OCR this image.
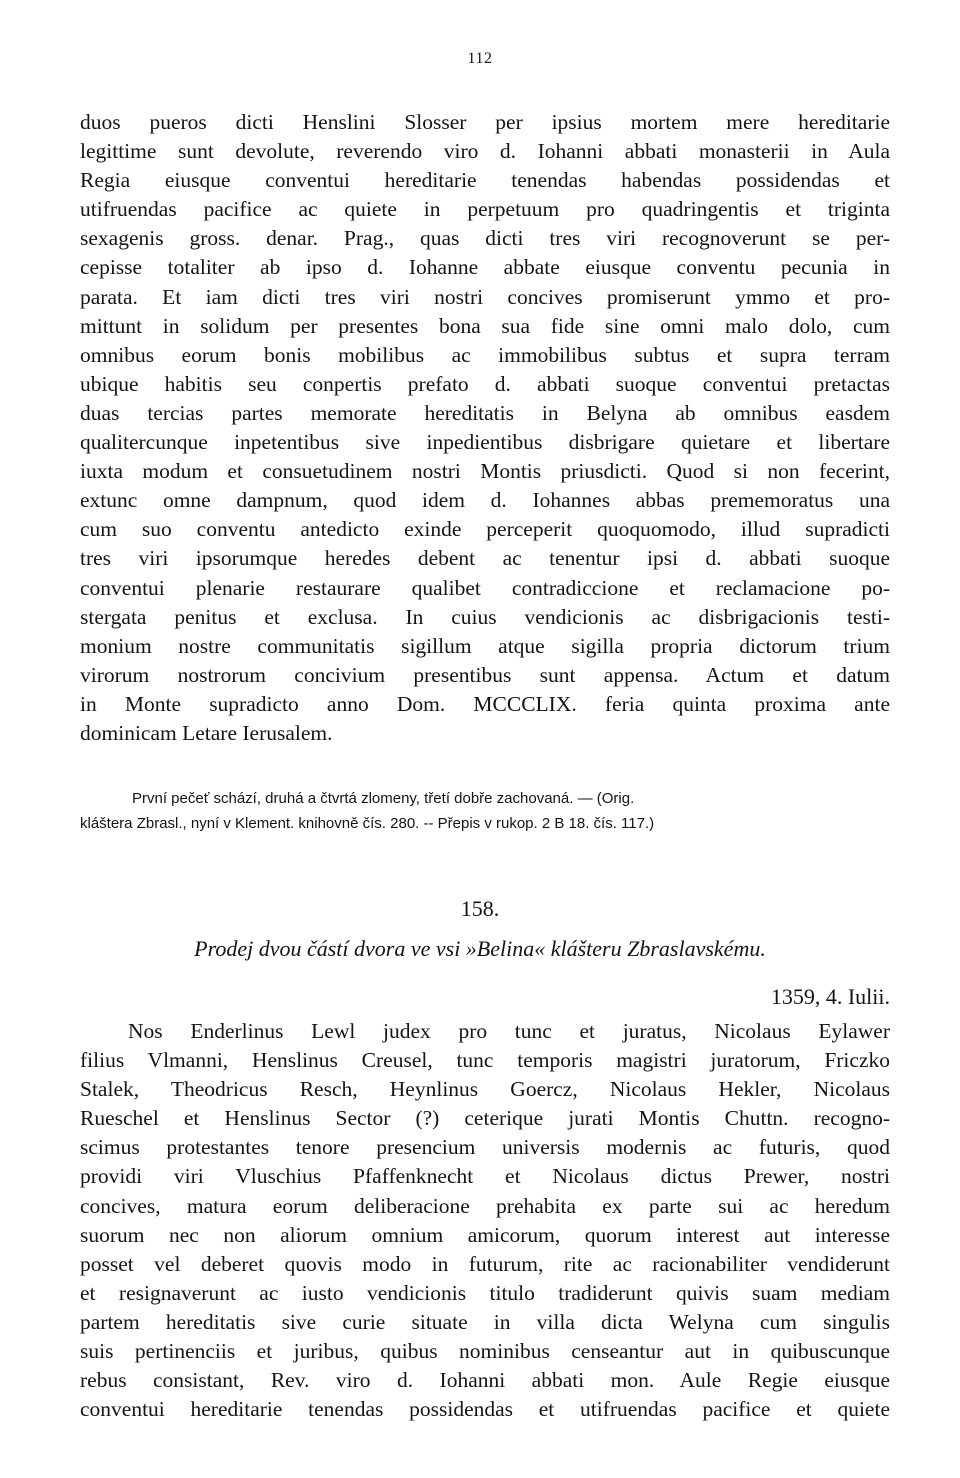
112
duos pueros dicti Henslini Slosser per ipsius mortem mere hereditarie
legittime sunt devolute, reverendo viro d. Iohanni abbati monasterii in Aula
Regia eiusque conventui hereditarie tenendas habendas possidendas et
utifruendas pacifice ac quiete in perpetuum pro quadringentis et triginta
sexagenis gross. denar. Prag., quas dicti tres viri recognoverunt se per-
cepisse totaliter ab ipso d. Iohanne abbate eiusque conventu pecunia in
parata. Et iam dicti tres viri nostri concives promiserunt ymmo et pro-
mittunt in solidum per presentes bona sua fide sine omni malo dolo, cum
omnibus eorum bonis mobilibus ac immobilibus subtus et supra terram
ubique habitis seu conpertis prefato d. abbati suoque conventui pretactas
duas tercias partes memorate hereditatis in Belyna ab omnibus easdem
qualitercunque inpetentibus sive inpedientibus disbrigare quietare et libertare
iuxta modum et consuetudinem nostri Montis priusdicti. Quod si non fecerint,
extunc omne dampnum, quod idem d. Iohannes abbas prememoratus una
cum suo conventu antedicto exinde perceperit quoquomodo, illud supradicti
tres viri ipsorumque heredes debent ac tenentur ipsi d. abbati suoque
conventui plenarie restaurare qualibet contradiccione et reclamacione po-
stergata penitus et exclusa. In cuius vendicionis ac disbrigacionis testi-
monium nostre communitatis sigillum atque sigilla propria dictorum trium
virorum nostrorum concivium presentibus sunt appensa. Actum et datum
in Monte supradicto anno Dom. MCCCLIX. feria quinta proxima ante
dominicam Letare Ierusalem.
První pečeť schází, druhá a čtvrtá zlomeny, třetí dobře zachovaná. — (Orig.
kláštera Zbrasl., nyní v Klement. knihovně čís. 280. -- Přepis v rukop. 2 B 18. čís. 117.)
158.
Prodej dvou částí dvora ve vsi »Belina« klášteru Zbraslavskému.
1359, 4. Iulii.
Nos Enderlinus Lewl judex pro tunc et juratus, Nicolaus Eylawer
filius Vlmanni, Henslinus Creusel, tunc temporis magistri juratorum, Friczko
Stalek, Theodricus Resch, Heynlinus Goercz, Nicolaus Hekler, Nicolaus
Rueschel et Henslinus Sector (?) ceterique jurati Montis Chuttn. recogno-
scimus protestantes tenore presencium universis modernis ac futuris, quod
providi viri Vluschius Pfaffenknecht et Nicolaus dictus Prewer, nostri
concives, matura eorum deliberacione prehabita ex parte sui ac heredum
suorum nec non aliorum omnium amicorum, quorum interest aut interesse
posset vel deberet quovis modo in futurum, rite ac racionabiliter vendiderunt
et resignaverunt ac iusto vendicionis titulo tradiderunt quivis suam mediam
partem hereditatis sive curie situate in villa dicta Welyna cum singulis
suis pertinenciis et juribus, quibus nominibus censeantur aut in quibuscunque
rebus consistant, Rev. viro d. Iohanni abbati mon. Aule Regie eiusque
conventui hereditarie tenendas possidendas et utifruendas pacifice et quiete
